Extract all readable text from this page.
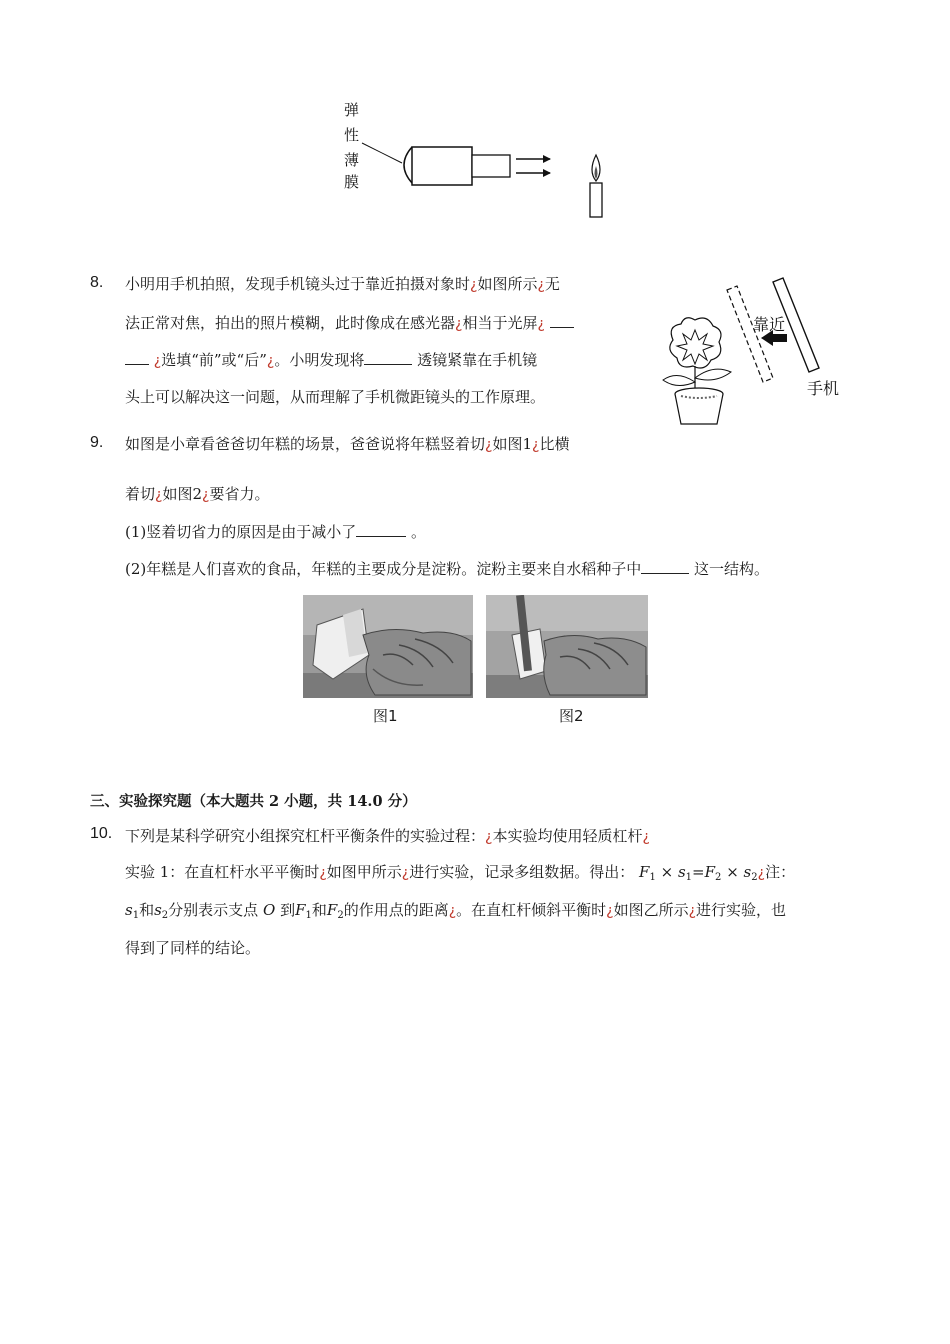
弹
性
薄
膜
8. 小明用手机拍照，发现手机镜头过于靠近拍摄对象时¿如图所示¿无
法正常对焦，拍出的照片模糊，此时像成在感光器¿相当于光屏¿
¿选填“前”或“后”¿。小明发现将	透镜紧靠在手机镜
头上可以解决这一问题，从而理解了手机微距镜头的工作原理。
靠近
手机
9. 如图是小章看爸爸切年糕的场景，爸爸说将年糕竖着切¿如图1¿比横
着切¿如图2¿要省力。
(1)竖着切省力的原因是由于减小了	。
(2)年糕是人们喜欢的食品，年糕的主要成分是淀粉。淀粉主要来自水稻种子中	这一结构。
图1	图2
三、实验探究题（本大题共 2 小题，共 14.0 分）
10. 下列是某科学研究小组探究杠杆平衡条件的实验过程：¿本实验均使用轻质杠杆¿
实验 1：在直杠杆水平平衡时¿如图甲所示¿进行实验，记录多组数据。得出： $F_1 \times s_1=F_2$ × $s_2¿$注：
$s_1$和$s_2$分别表示支点 O 到$F_1$和$F_2$的作用点的距离¿。在直杠杆倾斜平衡时¿如图乙所示¿进行实验，也
得到了同样的结论。
